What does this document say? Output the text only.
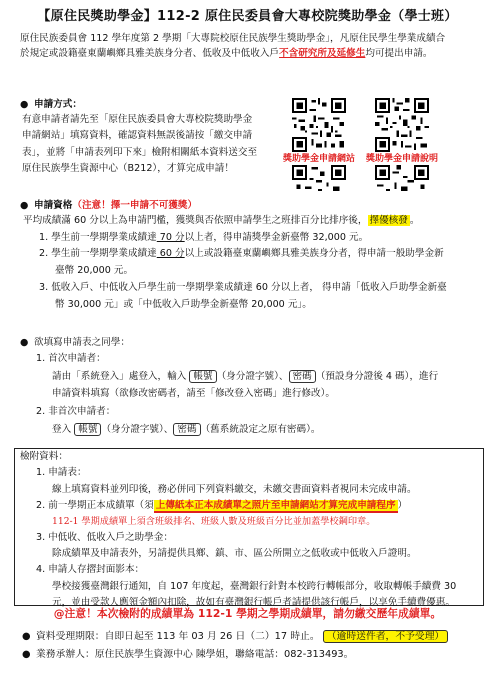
【原住民獎助學金】112-2 原住民委員會大專校院獎助學金（學士班）
原住民族委員會 112 學年度第 2 學期「大專院校原住民族學生獎助學金」，凡原住民學生學業成績合
於規定或設籍臺東蘭嶼鄉具雅美族身分者、低收及中低收入戶不含研究所及延修生均可提出申請。
● 申請方式：
有意申請者請先至「原住民族委員會大專校院獎助學金
申請網站」填寫資料，確認資料無誤後請按「繳交申請
表」，並將「申請表列印下來」檢附相關紙本資料送交至
原住民族學生資源中心（B212），才算完成申請！
獎助學金申請網站	獎助學金申請說明
● 申請資格（注意！擇一申請不可獲獎）
平均成績滿 60 分以上為申請門檻，獲獎與否依照申請學生之班排百分比排序後， 擇優核發 。
1. 學生前一學期學業成績達 70 分以上者，得申請獎學金新臺幣 32,000 元。
2. 學生前一學期學業成績達 60 分以上或設籍臺東蘭嶼鄉具雅美族身分者，得申請一般助學金新
臺幣 20,000 元。
3. 低收入戶、中低收入戶學生前一學期學業成績達 60 分以上者， 得申請「低收入戶助學金新臺
幣 30,000 元」或「中低收入戶助學金新臺幣 20,000 元」。
● 欲填寫申請表之同學：
1. 首次申請者：
請由「系統登入」處登入，輸入 帳號 （身分證字號）、 密碼 （預設身分證後 4 碼），進行
申請資料填寫（欲修改密碼者，請至「修改登入密碼」進行修改）。
2. 非首次申請者：
登入 帳號 （身分證字號）、 密碼 （舊系統設定之原有密碼）。
檢附資料：
1. 申請表：
線上填寫資料並列印後，務必併同下列資料繳交，未繳交書面資料者視同未完成申請。
2. 前一學期正本成績單（須 上傳紙本正本成績單之照片至申請網站才算完成申請程序 ）
112-1 學期成績單上須含班級排名、班級人數及班級百分比並加蓋學校鋼印章。
3. 中低收、低收入戶之助學金：
除成績單及申請表外，另請提供具鄉、鎮、市、區公所開立之低收或中低收入戶證明。
4. 申請人存摺封面影本：
學校接獲臺灣銀行通知，自 107 年度起，臺灣銀行針對本校跨行轉帳部分，收取轉帳手續費 30
元，並由受款人應領金額內扣除，故如有臺灣銀行帳戶者請提供該行帳戶，以享免手續費優惠。
@注意！本次檢附的成績單為 112-1 學期之學期成績單，請勿繳交歷年成績單。
● 資料受理期限：自即日起至 113 年 03 月 26 日（二）17 時止。 （逾時送件者，不予受理）
● 業務承辦人：原住民族學生資源中心 陳學姐，聯絡電話：082-313493。
